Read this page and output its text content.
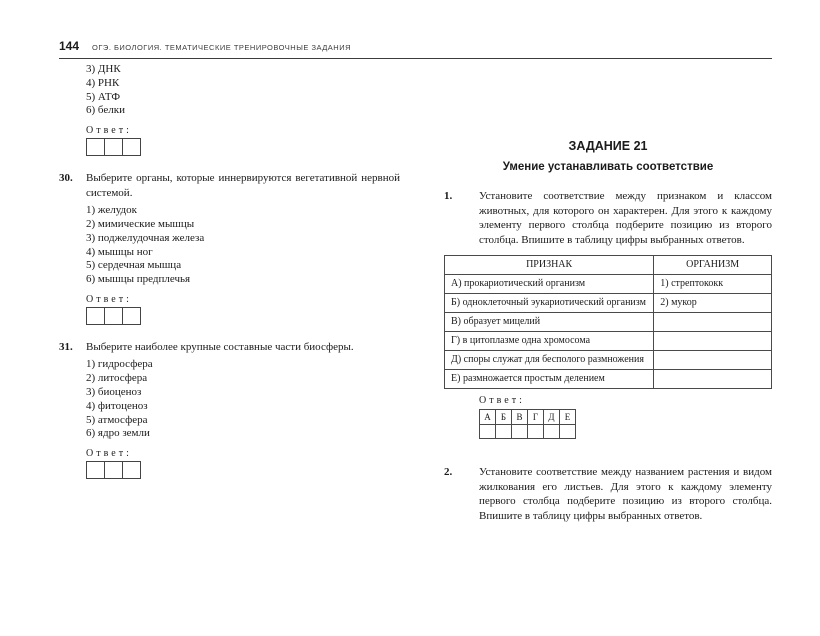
144 ОГЭ. БИОЛОГИЯ. ТЕМАТИЧЕСКИЕ ТРЕНИРОВОЧНЫЕ ЗАДАНИЯ
3) ДНК
4) РНК
5) АТФ
6) белки
Ответ:
30.	Выберите органы, которые иннервируются вегетативной нервной системой.
1) желудок
2) мимические мышцы
3) поджелудочная железа
4) мышцы ног
5) сердечная мышца
6) мышцы предплечья
Ответ:
31.	Выберите наиболее крупные составные части биосферы.
1) гидросфера
2) литосфера
3) биоценоз
4) фитоценоз
5) атмосфера
6) ядро земли
Ответ:
ЗАДАНИЕ 21
Умение устанавливать соответствие
1.	Установите соответствие между признаком и классом животных, для которого он характерен. Для этого к каждому элементу первого столбца подберите позицию из второго столбца. Впишите в таблицу цифры выбранных ответов.
ПРИЗНАК	ОРГАНИЗМ
А) прокариотический организм	1) стрептококк
Б) одноклеточный эукариотический организм	2) мукор
В) образует мицелий	
Г) в цитоплазме одна хромосома	
Д) споры служат для бесполого размножения	
Е) размножается простым делением	
Ответ:
А	Б	В	Г	Д	Е

2.	Установите соответствие между названием растения и видом жилкования его листьев. Для этого к каждому элементу первого столбца подберите позицию из второго столбца. Впишите в таблицу цифры выбранных ответов.
